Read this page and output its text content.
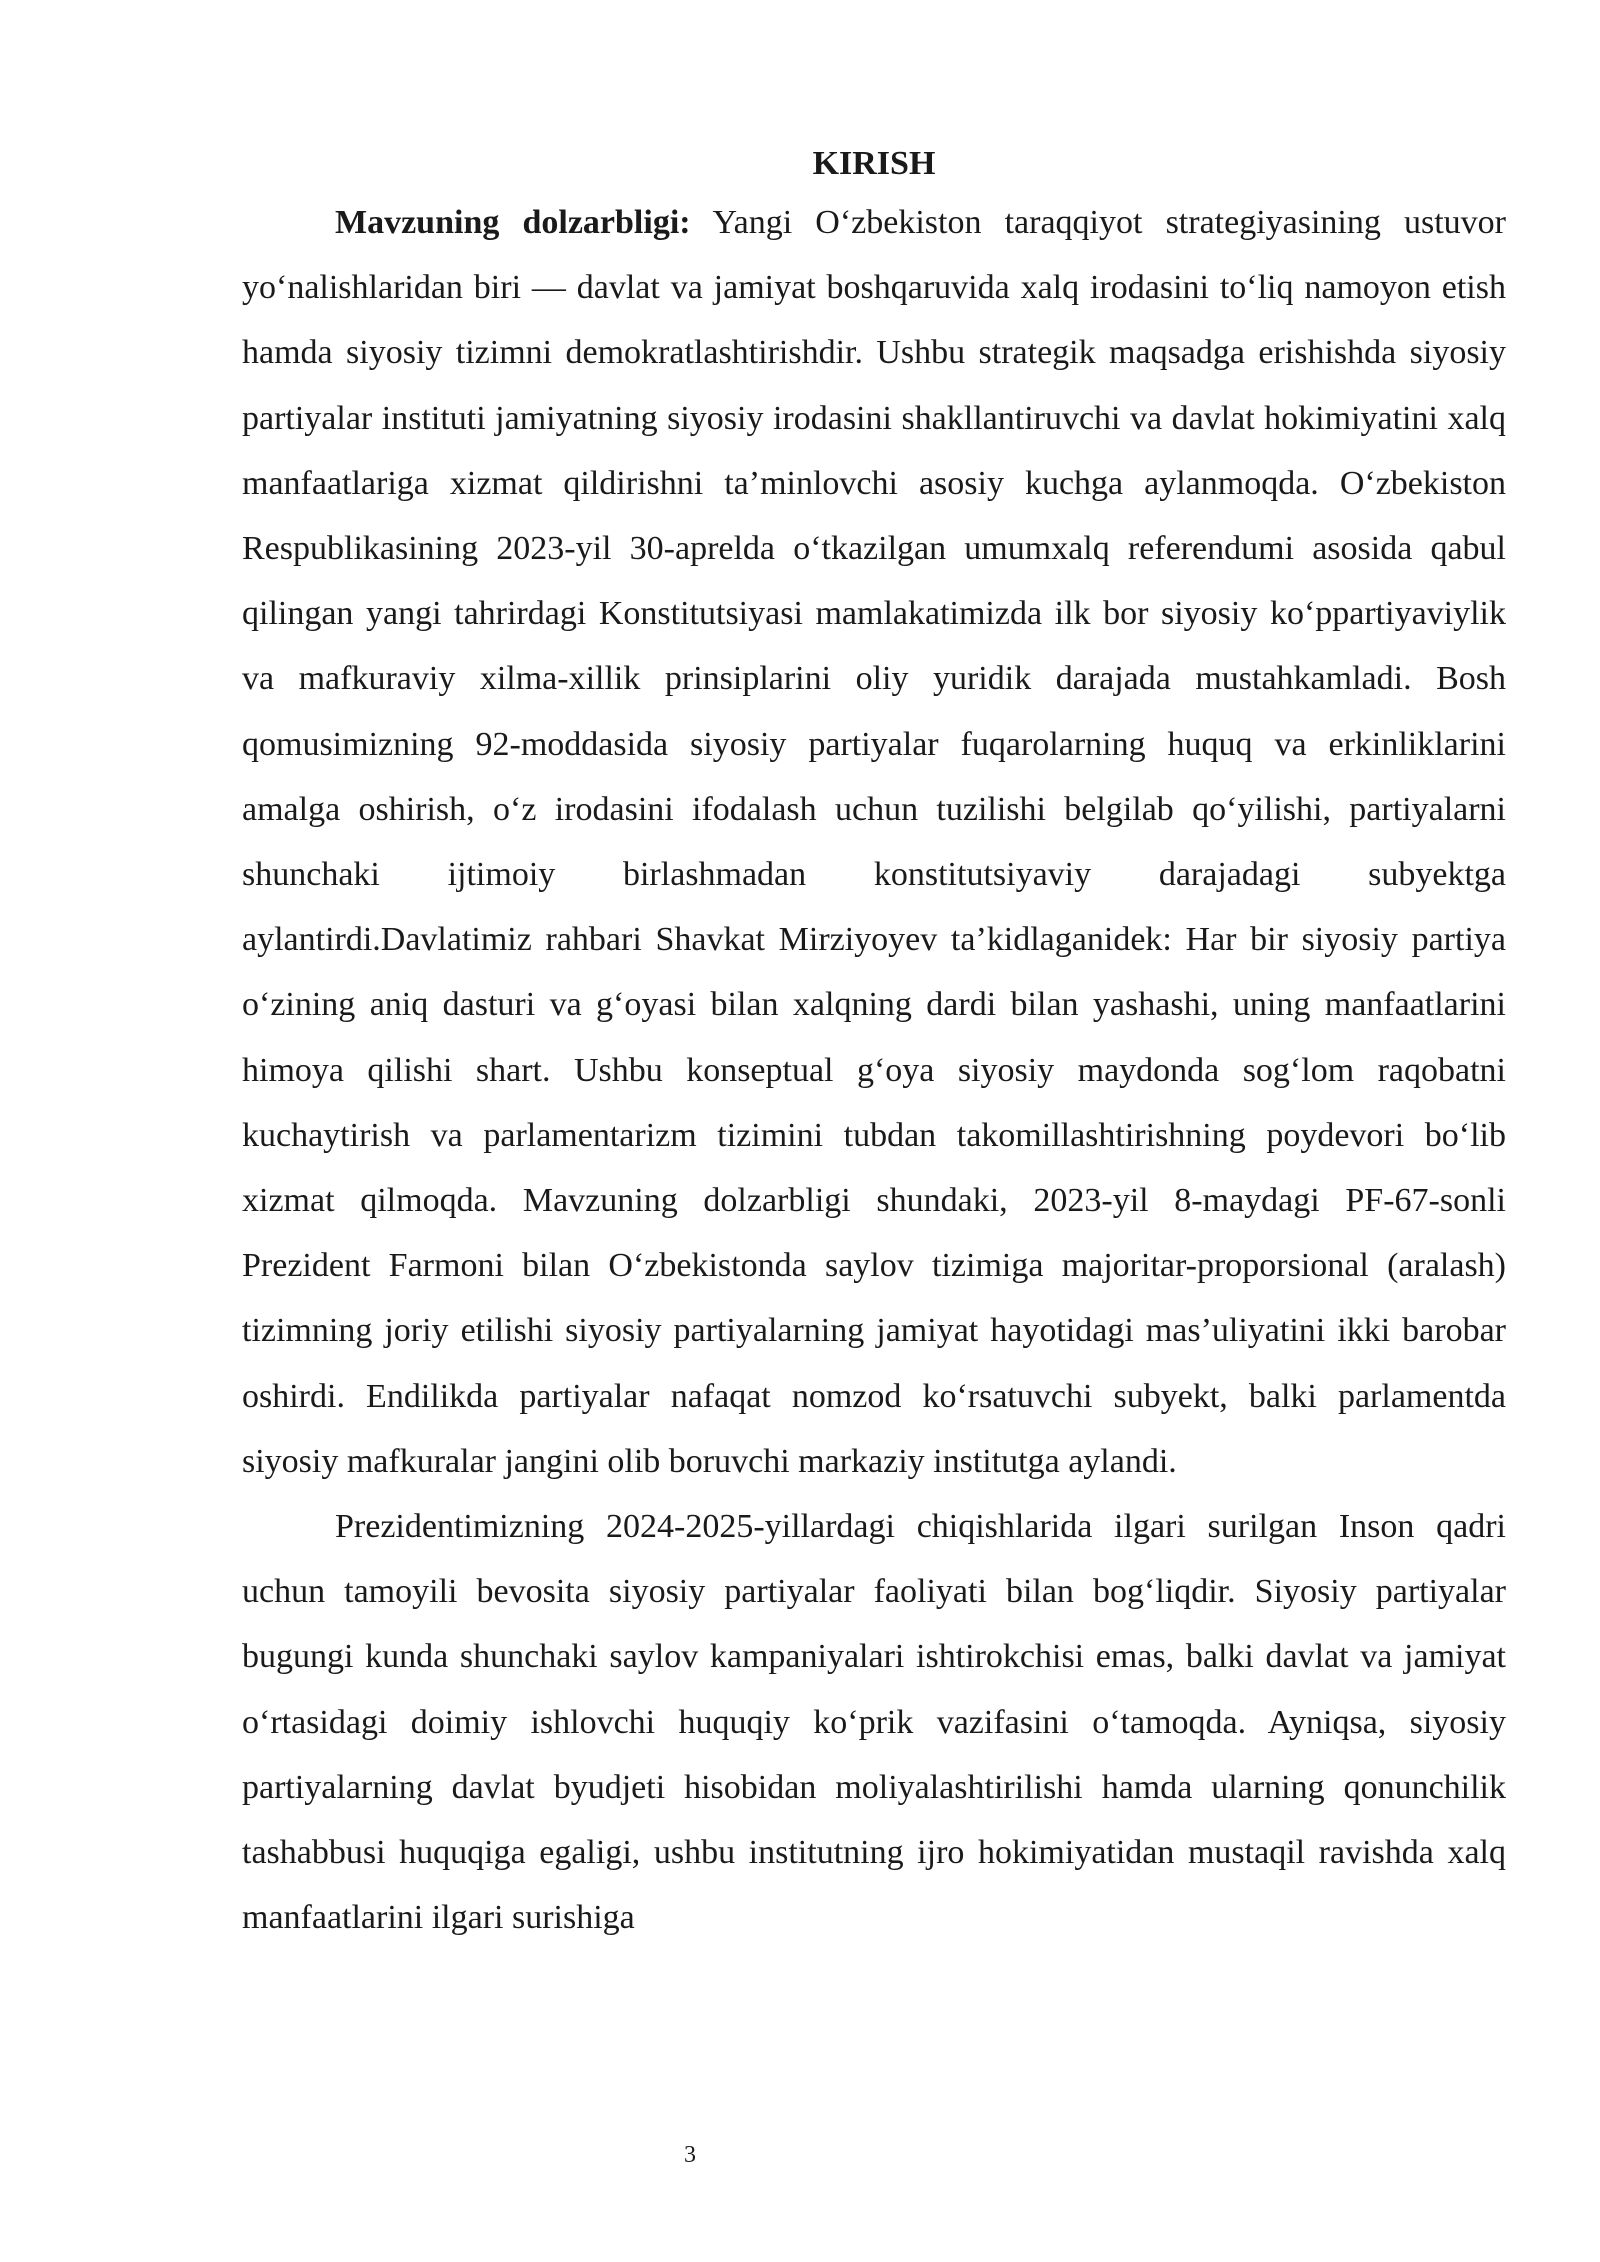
KIRISH

Mavzuning dolzarbligi: Yangi O‘zbekiston taraqqiyot strategiyasining ustuvor yo‘nalishlaridan biri — davlat va jamiyat boshqaruvida xalq irodasini to‘liq namoyon etish hamda siyosiy tizimni demokratlashtirishdir. Ushbu strategik maqsadga erishishda siyosiy partiyalar instituti jamiyatning siyosiy irodasini shakllantiruvchi va davlat hokimiyatini xalq manfaatlariga xizmat qildirishni ta’minlovchi asosiy kuchga aylanmoqda. O‘zbekiston Respublikasining 2023-yil 30-aprelda o‘tkazilgan umumxalq referendumi asosida qabul qilingan yangi tahrirdagi Konstitutsiyasi mamlakatimizda ilk bor siyosiy ko‘ppartiyaviylik va mafkuraviy xilma-xillik prinsiplarini oliy yuridik darajada mustahkamladi. Bosh qomusimizning 92-moddasida siyosiy partiyalar fuqarolarning huquq va erkinliklarini amalga oshirish, o‘z irodasini ifodalash uchun tuzilishi belgilab qo‘yilishi, partiyalarni shunchaki ijtimoiy birlashmadan konstitutsiyaviy darajadagi subyektga aylantirdi.Davlatimiz rahbari Shavkat Mirziyoyev ta’kidlaganidek: Har bir siyosiy partiya o‘zining aniq dasturi va g‘oyasi bilan xalqning dardi bilan yashashi, uning manfaatlarini himoya qilishi shart. Ushbu konseptual g‘oya siyosiy maydonda sog‘lom raqobatni kuchaytirish va parlamentarizm tizimini tubdan takomillashtirishning poydevori bo‘lib xizmat qilmoqda. Mavzuning dolzarbligi shundaki, 2023-yil 8-maydagi PF-67-sonli Prezident Farmoni bilan O‘zbekistonda saylov tizimiga majoritar-proporsional (aralash) tizimning joriy etilishi siyosiy partiyalarning jamiyat hayotidagi mas’uliyatini ikki barobar oshirdi. Endilikda partiyalar nafaqat nomzod ko‘rsatuvchi subyekt, balki parlamentda siyosiy mafkuralar jangini olib boruvchi markaziy institutga aylandi.

Prezidentimizning 2024-2025-yillardagi chiqishlarida ilgari surilgan Inson qadri uchun tamoyili bevosita siyosiy partiyalar faoliyati bilan bog‘liqdir. Siyosiy partiyalar bugungi kunda shunchaki saylov kampaniyalari ishtirokchisi emas, balki davlat va jamiyat o‘rtasidagi doimiy ishlovchi huquqiy ko‘prik vazifasini o‘tamoqda. Ayniqsa, siyosiy partiyalarning davlat byudjeti hisobidan moliyalashtirilishi hamda ularning qonunchilik tashabbusi huquqiga egaligi, ushbu institutning ijro hokimiyatidan mustaqil ravishda xalq manfaatlarini ilgari surishiga

3
